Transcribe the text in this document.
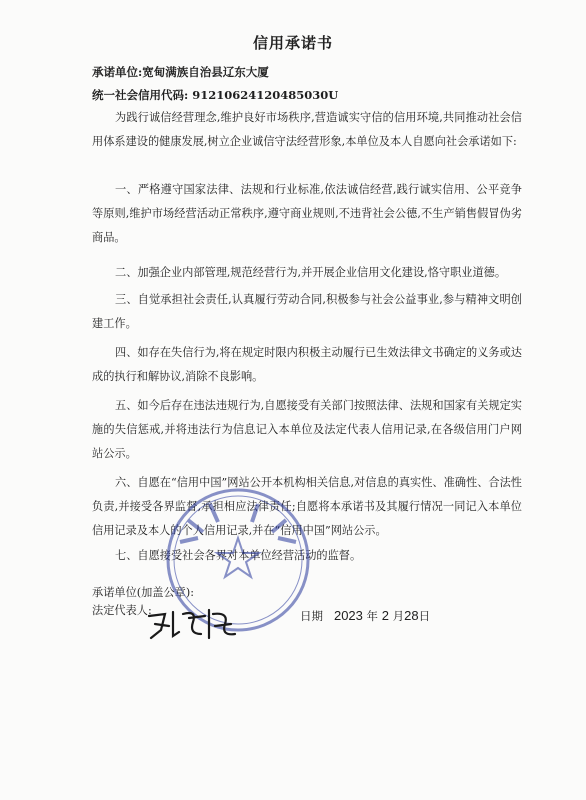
信用承诺书
承诺单位:宽甸满族自治县辽东大厦
统一社会信用代码: 91210624120485030U
为践行诚信经营理念,维护良好市场秩序,营造诚实守信的信用环境,共同推动社会信用体系建设的健康发展,树立企业诚信守法经营形象,本单位及本人自愿向社会承诺如下:
一、严格遵守国家法律、法规和行业标准,依法诚信经营,践行诚实信用、公平竞争等原则,维护市场经营活动正常秩序,遵守商业规则,不违背社会公德,不生产销售假冒伪劣商品。
二、加强企业内部管理,规范经营行为,并开展企业信用文化建设,恪守职业道德。
三、自觉承担社会责任,认真履行劳动合同,积极参与社会公益事业,参与精神文明创建工作。
四、如存在失信行为,将在规定时限内积极主动履行已生效法律文书确定的义务或达成的执行和解协议,消除不良影响。
五、如今后存在违法违规行为,自愿接受有关部门按照法律、法规和国家有关规定实施的失信惩戒,并将违法行为信息记入本单位及法定代表人信用记录,在各级信用门户网站公示。
六、自愿在“信用中国”网站公开本机构相关信息,对信息的真实性、准确性、合法性负责,并接受各界监督,承担相应法律责任;自愿将本承诺书及其履行情况一同记入本单位信用记录及本人的个人信用记录,并在“信用中国”网站公示。
七、自愿接受社会各界对本单位经营活动的监督。
承诺单位(加盖公章):
法定代表人:	日期 2023 年 2 月28日
